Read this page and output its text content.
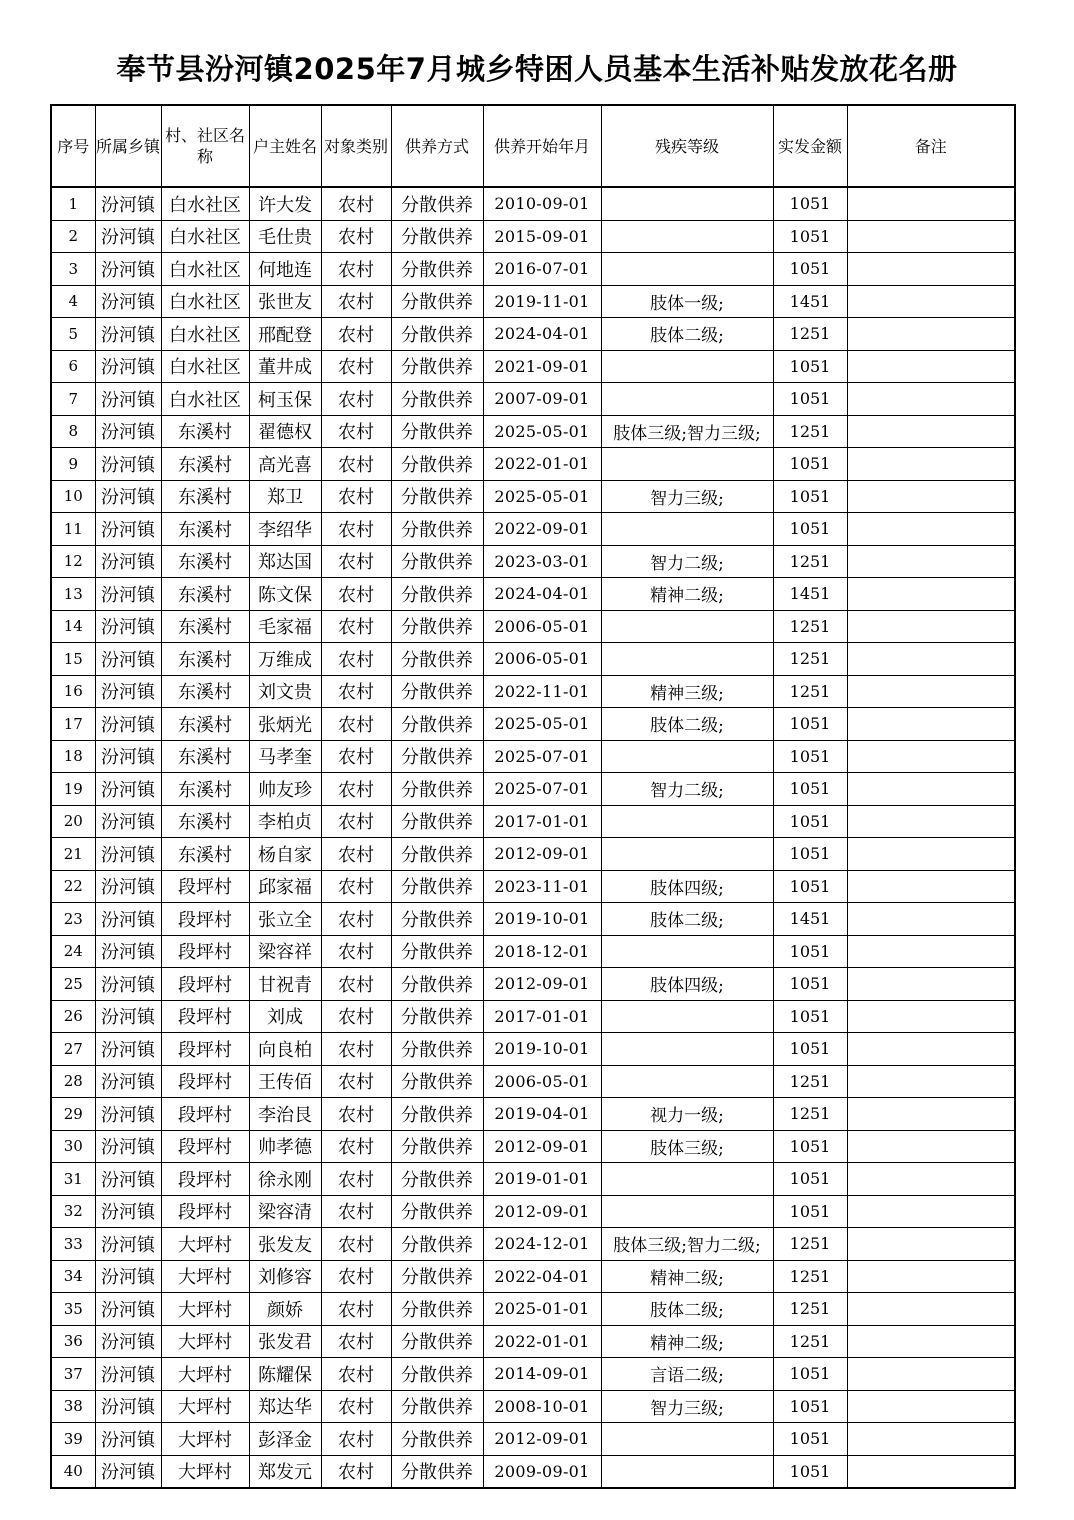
奉节县汾河镇2025年7月城乡特困人员基本生活补贴发放花名册
序号	所属乡镇	村、社区名称	户主姓名	对象类别	供养方式	供养开始年月	残疾等级	实发金额	备注
1	汾河镇	白水社区	许大发	农村	分散供养	2010-09-01		1051	
2	汾河镇	白水社区	毛仕贵	农村	分散供养	2015-09-01		1051	
3	汾河镇	白水社区	何地连	农村	分散供养	2016-07-01		1051	
4	汾河镇	白水社区	张世友	农村	分散供养	2019-11-01	肢体一级;	1451	
5	汾河镇	白水社区	邢配登	农村	分散供养	2024-04-01	肢体二级;	1251	
6	汾河镇	白水社区	董井成	农村	分散供养	2021-09-01		1051	
7	汾河镇	白水社区	柯玉保	农村	分散供养	2007-09-01		1051	
8	汾河镇	东溪村	翟德权	农村	分散供养	2025-05-01	肢体三级;智力三级;	1251	
9	汾河镇	东溪村	高光喜	农村	分散供养	2022-01-01		1051	
10	汾河镇	东溪村	郑卫	农村	分散供养	2025-05-01	智力三级;	1051	
11	汾河镇	东溪村	李绍华	农村	分散供养	2022-09-01		1051	
12	汾河镇	东溪村	郑达国	农村	分散供养	2023-03-01	智力二级;	1251	
13	汾河镇	东溪村	陈文保	农村	分散供养	2024-04-01	精神二级;	1451	
14	汾河镇	东溪村	毛家福	农村	分散供养	2006-05-01		1251	
15	汾河镇	东溪村	万维成	农村	分散供养	2006-05-01		1251	
16	汾河镇	东溪村	刘文贵	农村	分散供养	2022-11-01	精神三级;	1251	
17	汾河镇	东溪村	张炳光	农村	分散供养	2025-05-01	肢体二级;	1051	
18	汾河镇	东溪村	马孝奎	农村	分散供养	2025-07-01		1051	
19	汾河镇	东溪村	帅友珍	农村	分散供养	2025-07-01	智力二级;	1051	
20	汾河镇	东溪村	李柏贞	农村	分散供养	2017-01-01		1051	
21	汾河镇	东溪村	杨自家	农村	分散供养	2012-09-01		1051	
22	汾河镇	段坪村	邱家福	农村	分散供养	2023-11-01	肢体四级;	1051	
23	汾河镇	段坪村	张立全	农村	分散供养	2019-10-01	肢体二级;	1451	
24	汾河镇	段坪村	梁容祥	农村	分散供养	2018-12-01		1051	
25	汾河镇	段坪村	甘祝青	农村	分散供养	2012-09-01	肢体四级;	1051	
26	汾河镇	段坪村	刘成	农村	分散供养	2017-01-01		1051	
27	汾河镇	段坪村	向良柏	农村	分散供养	2019-10-01		1051	
28	汾河镇	段坪村	王传佰	农村	分散供养	2006-05-01		1251	
29	汾河镇	段坪村	李治艮	农村	分散供养	2019-04-01	视力一级;	1251	
30	汾河镇	段坪村	帅孝德	农村	分散供养	2012-09-01	肢体三级;	1051	
31	汾河镇	段坪村	徐永刚	农村	分散供养	2019-01-01		1051	
32	汾河镇	段坪村	梁容清	农村	分散供养	2012-09-01		1051	
33	汾河镇	大坪村	张发友	农村	分散供养	2024-12-01	肢体三级;智力二级;	1251	
34	汾河镇	大坪村	刘修容	农村	分散供养	2022-04-01	精神二级;	1251	
35	汾河镇	大坪村	颜娇	农村	分散供养	2025-01-01	肢体二级;	1251	
36	汾河镇	大坪村	张发君	农村	分散供养	2022-01-01	精神二级;	1251	
37	汾河镇	大坪村	陈耀保	农村	分散供养	2014-09-01	言语二级;	1051	
38	汾河镇	大坪村	郑达华	农村	分散供养	2008-10-01	智力三级;	1051	
39	汾河镇	大坪村	彭泽金	农村	分散供养	2012-09-01		1051	
40	汾河镇	大坪村	郑发元	农村	分散供养	2009-09-01		1051	
